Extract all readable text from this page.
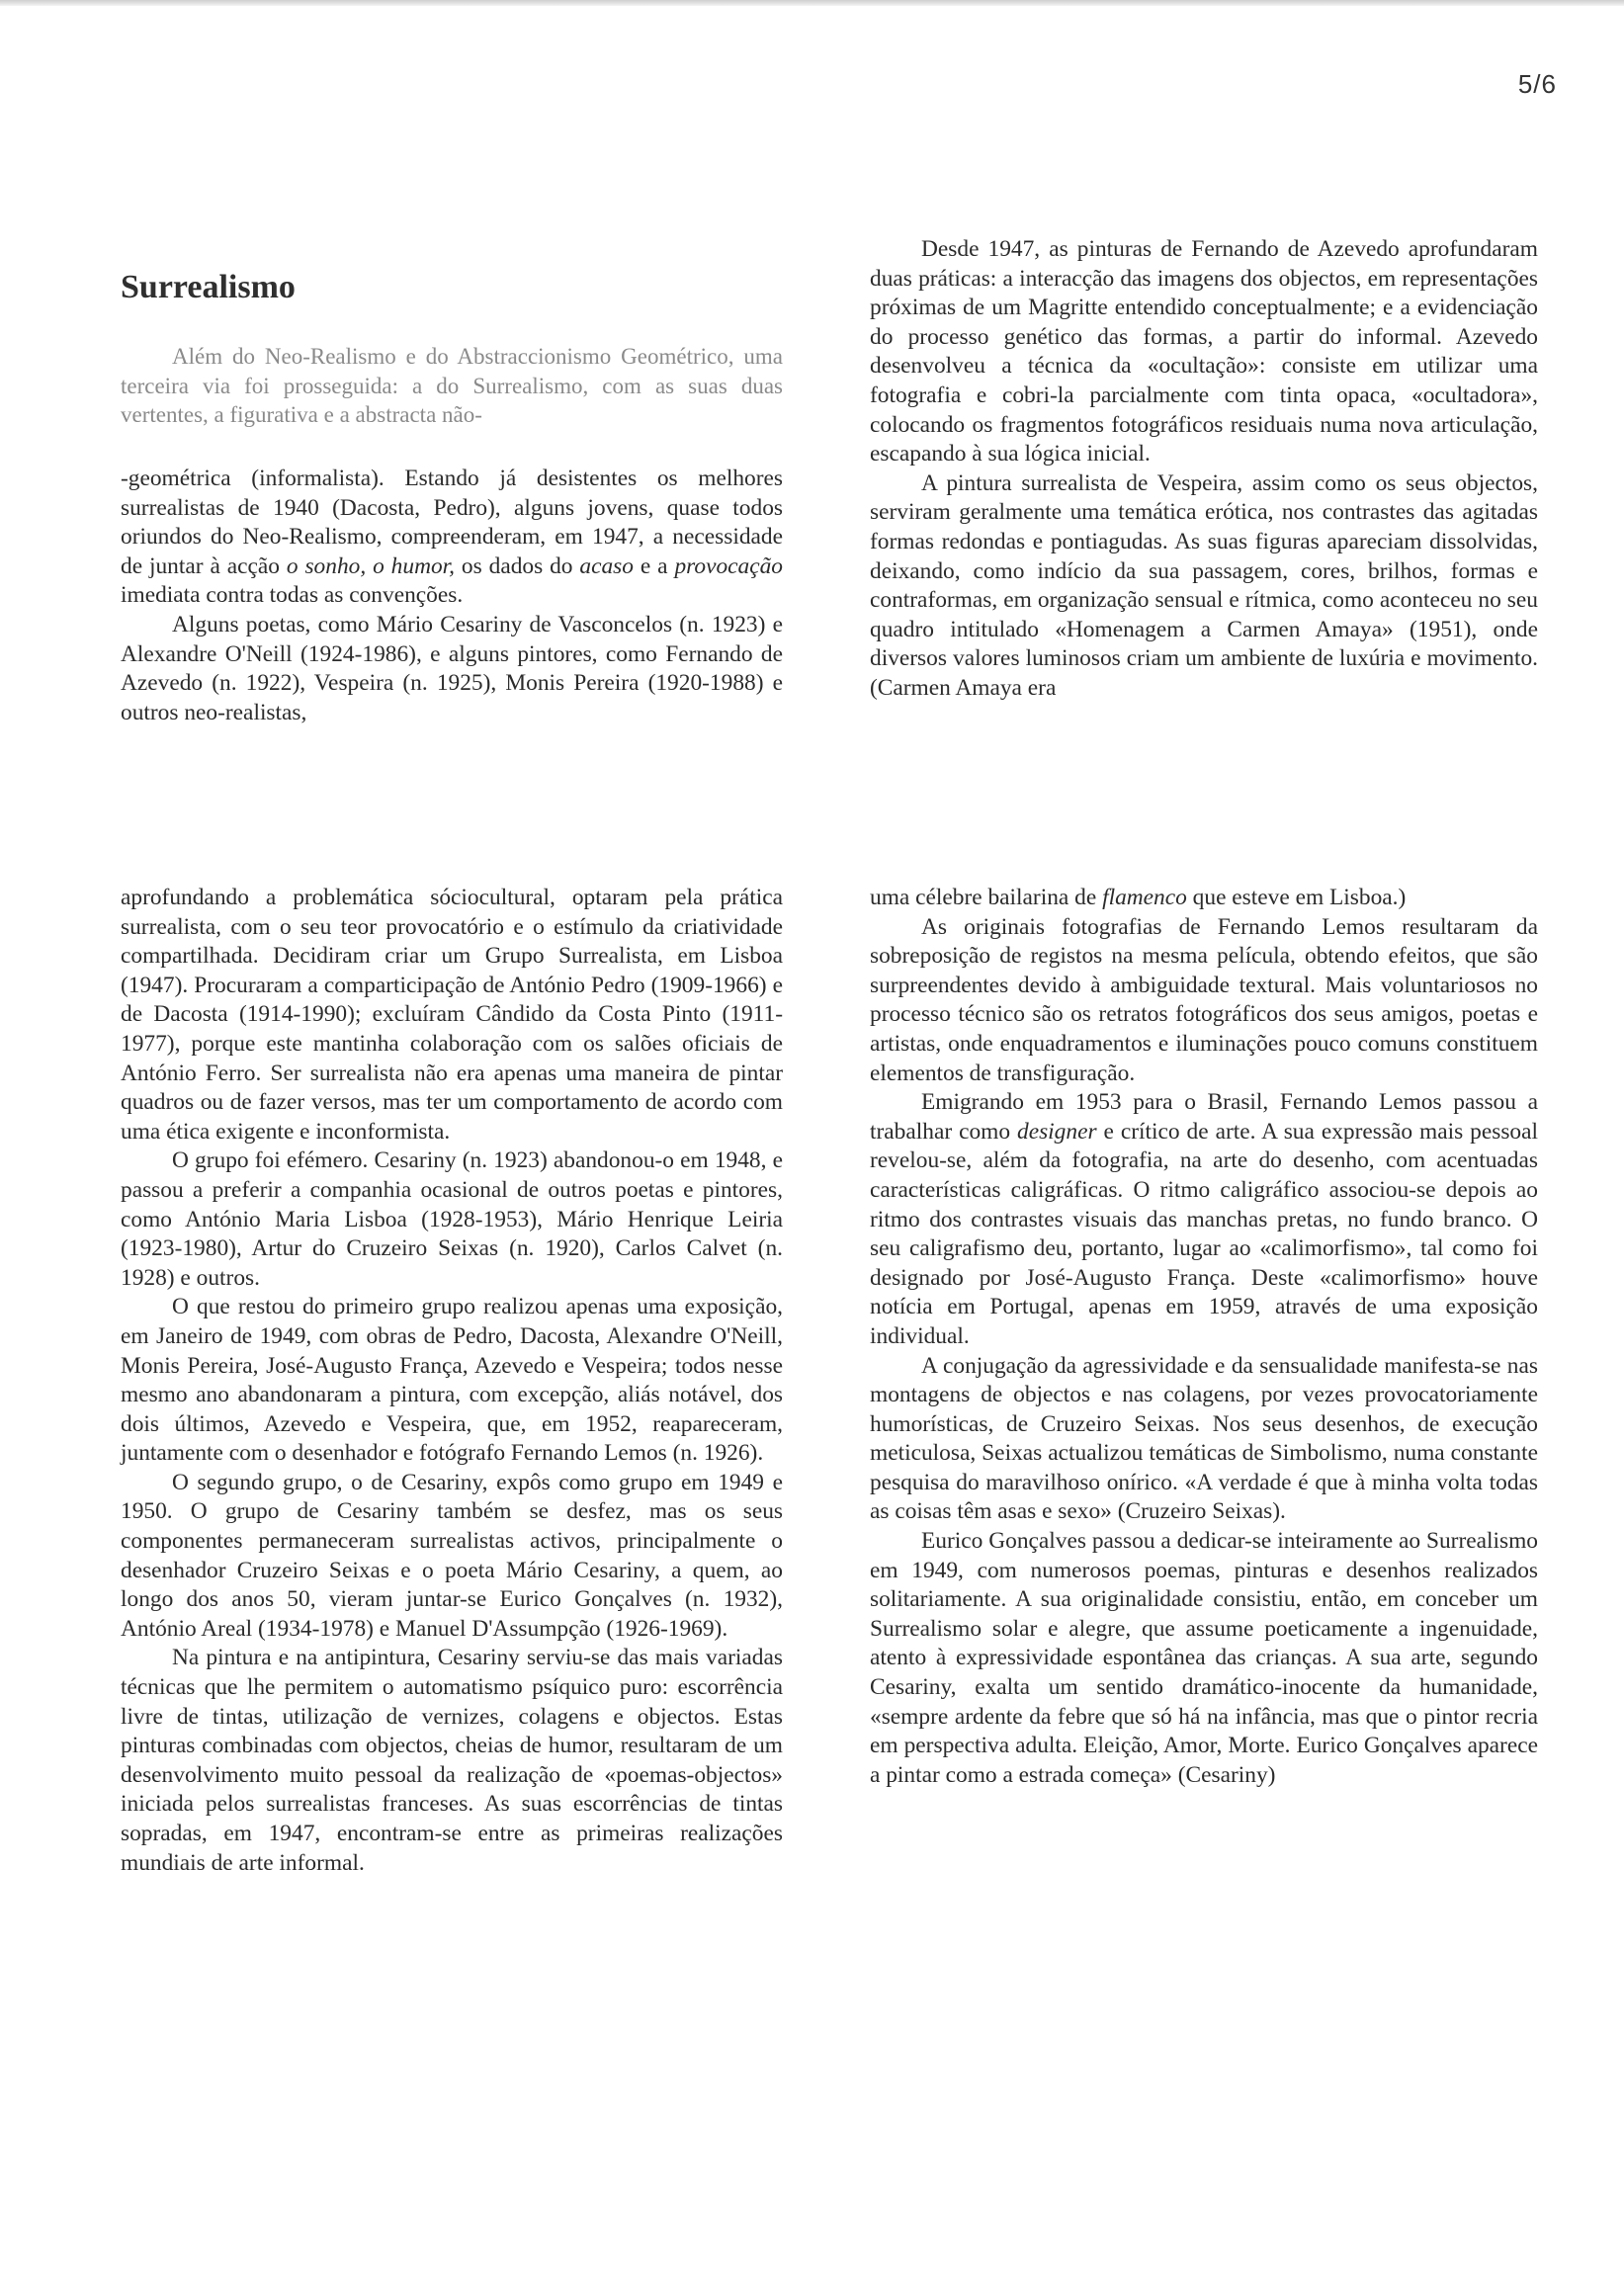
5/6
Surrealismo

Além do Neo-Realismo e do Abstraccionismo Geométrico, uma terceira via foi prosseguida: a do Surrealismo, com as suas duas vertentes, a figurativa e a abstracta não-

-geométrica (informalista). Estando já desistentes os melhores surrealistas de 1940 (Dacosta, Pedro), alguns jovens, quase todos oriundos do Neo-Realismo, compreenderam, em 1947, a necessidade de juntar à acção o sonho, o humor, os dados do acaso e a provocação imediata contra todas as convenções.

Alguns poetas, como Mário Cesariny de Vasconcelos (n. 1923) e Alexandre O'Neill (1924-1986), e alguns pintores, como Fernando de Azevedo (n. 1922), Vespeira (n. 1925), Monis Pereira (1920-1988) e outros neo-realistas,

Desde 1947, as pinturas de Fernando de Azevedo aprofundaram duas práticas: a interacção das imagens dos objectos, em representações próximas de um Magritte entendido conceptualmente; e a evidenciação do processo genético das formas, a partir do informal. Azevedo desenvolveu a técnica da «ocultação»: consiste em utilizar uma fotografia e cobri-la parcialmente com tinta opaca, «ocultadora», colocando os fragmentos fotográficos residuais numa nova articulação, escapando à sua lógica inicial.

A pintura surrealista de Vespeira, assim como os seus objectos, serviram geralmente uma temática erótica, nos contrastes das agitadas formas redondas e pontiagudas. As suas figuras apareciam dissolvidas, deixando, como indício da sua passagem, cores, brilhos, formas e contraformas, em organização sensual e rítmica, como aconteceu no seu quadro intitulado «Homenagem a Carmen Amaya» (1951), onde diversos valores luminosos criam um ambiente de luxúria e movimento. (Carmen Amaya era

aprofundando a problemática sóciocultural, optaram pela prática surrealista, com o seu teor provocatório e o estímulo da criatividade compartilhada. Decidiram criar um Grupo Surrealista, em Lisboa (1947). Procuraram a comparticipação de António Pedro (1909-1966) e de Dacosta (1914-1990); excluíram Cândido da Costa Pinto (1911-1977), porque este mantinha colaboração com os salões oficiais de António Ferro. Ser surrealista não era apenas uma maneira de pintar quadros ou de fazer versos, mas ter um comportamento de acordo com uma ética exigente e inconformista.

O grupo foi efémero. Cesariny (n. 1923) abandonou-o em 1948, e passou a preferir a companhia ocasional de outros poetas e pintores, como António Maria Lisboa (1928-1953), Mário Henrique Leiria (1923-1980), Artur do Cruzeiro Seixas (n. 1920), Carlos Calvet (n. 1928) e outros.

O que restou do primeiro grupo realizou apenas uma exposição, em Janeiro de 1949, com obras de Pedro, Dacosta, Alexandre O'Neill, Monis Pereira, José-Augusto França, Azevedo e Vespeira; todos nesse mesmo ano abandonaram a pintura, com excepção, aliás notável, dos dois últimos, Azevedo e Vespeira, que, em 1952, reapareceram, juntamente com o desenhador e fotógrafo Fernando Lemos (n. 1926).

O segundo grupo, o de Cesariny, expôs como grupo em 1949 e 1950. O grupo de Cesariny também se desfez, mas os seus componentes permaneceram surrealistas activos, principalmente o desenhador Cruzeiro Seixas e o poeta Mário Cesariny, a quem, ao longo dos anos 50, vieram juntar-se Eurico Gonçalves (n. 1932), António Areal (1934-1978) e Manuel D'Assumpção (1926-1969).

Na pintura e na antipintura, Cesariny serviu-se das mais variadas técnicas que lhe permitem o automatismo psíquico puro: escorrência livre de tintas, utilização de vernizes, colagens e objectos. Estas pinturas combinadas com objectos, cheias de humor, resultaram de um desenvolvimento muito pessoal da realização de «poemas-objectos» iniciada pelos surrealistas franceses. As suas escorrências de tintas sopradas, em 1947, encontram-se entre as primeiras realizações mundiais de arte informal.

uma célebre bailarina de flamenco que esteve em Lisboa.)

As originais fotografias de Fernando Lemos resultaram da sobreposição de registos na mesma película, obtendo efeitos, que são surpreendentes devido à ambiguidade textural. Mais voluntariosos no processo técnico são os retratos fotográficos dos seus amigos, poetas e artistas, onde enquadramentos e iluminações pouco comuns constituem elementos de transfiguração.

Emigrando em 1953 para o Brasil, Fernando Lemos passou a trabalhar como designer e crítico de arte. A sua expressão mais pessoal revelou-se, além da fotografia, na arte do desenho, com acentuadas características caligráficas. O ritmo caligráfico associou-se depois ao ritmo dos contrastes visuais das manchas pretas, no fundo branco. O seu caligrafismo deu, portanto, lugar ao «calimorfismo», tal como foi designado por José-Augusto França. Deste «calimorfismo» houve notícia em Portugal, apenas em 1959, através de uma exposição individual.

A conjugação da agressividade e da sensualidade manifesta-se nas montagens de objectos e nas colagens, por vezes provocatoriamente humorísticas, de Cruzeiro Seixas. Nos seus desenhos, de execução meticulosa, Seixas actualizou temáticas de Simbolismo, numa constante pesquisa do maravilhoso onírico. «A verdade é que à minha volta todas as coisas têm asas e sexo» (Cruzeiro Seixas).

Eurico Gonçalves passou a dedicar-se inteiramente ao Surrealismo em 1949, com numerosos poemas, pinturas e desenhos realizados solitariamente. A sua originalidade consistiu, então, em conceber um Surrealismo solar e alegre, que assume poeticamente a ingenuidade, atento à expressividade espontânea das crianças. A sua arte, segundo Cesariny, exalta um sentido dramático-inocente da humanidade, «sempre ardente da febre que só há na infância, mas que o pintor recria em perspectiva adulta. Eleição, Amor, Morte. Eurico Gonçalves aparece a pintar como a estrada começa» (Cesariny)
